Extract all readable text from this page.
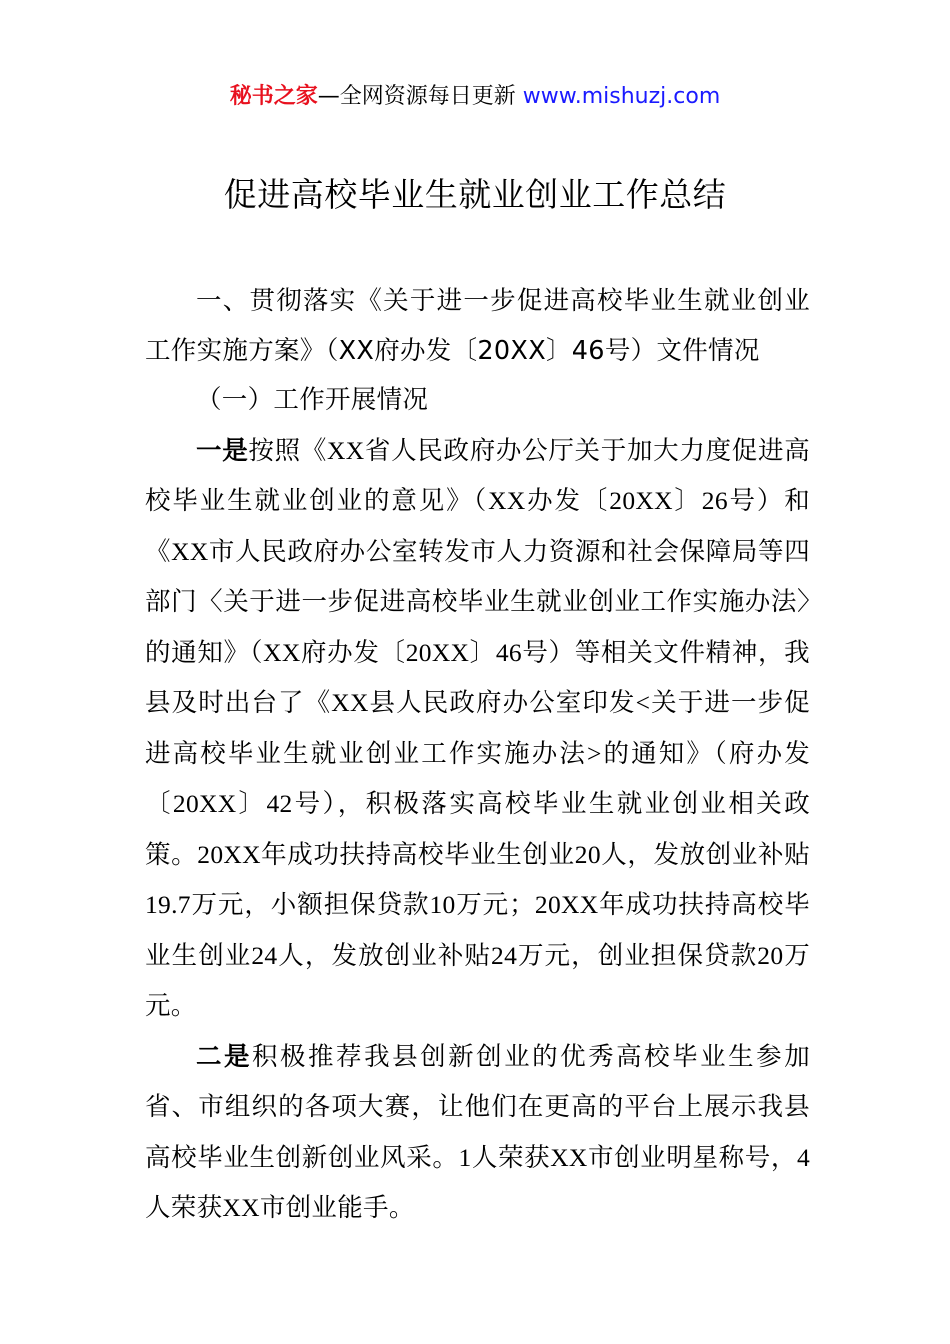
秘书之家—全网资源每日更新 www.mishuzj.com
促进高校毕业生就业创业工作总结

一、贯彻落实《关于进一步促进高校毕业生就业创业工作实施方案》（XX府办发〔20XX〕46号）文件情况

（一）工作开展情况

一是按照《XX省人民政府办公厅关于加大力度促进高校毕业生就业创业的意见》（XX办发〔20XX〕26号）和《XX市人民政府办公室转发市人力资源和社会保障局等四部门〈关于进一步促进高校毕业生就业创业工作实施办法〉的通知》（XX府办发〔20XX〕46号）等相关文件精神，我县及时出台了《XX县人民政府办公室印发<关于进一步促进高校毕业生就业创业工作实施办法>的通知》（府办发〔20XX〕42号），积极落实高校毕业生就业创业相关政策。20XX年成功扶持高校毕业生创业20人，发放创业补贴19.7万元，小额担保贷款10万元；20XX年成功扶持高校毕业生创业24人，发放创业补贴24万元，创业担保贷款20万元。

二是积极推荐我县创新创业的优秀高校毕业生参加省、市组织的各项大赛，让他们在更高的平台上展示我县高校毕业生创新创业风采。1人荣获XX市创业明星称号，4人荣获XX市创业能手。
